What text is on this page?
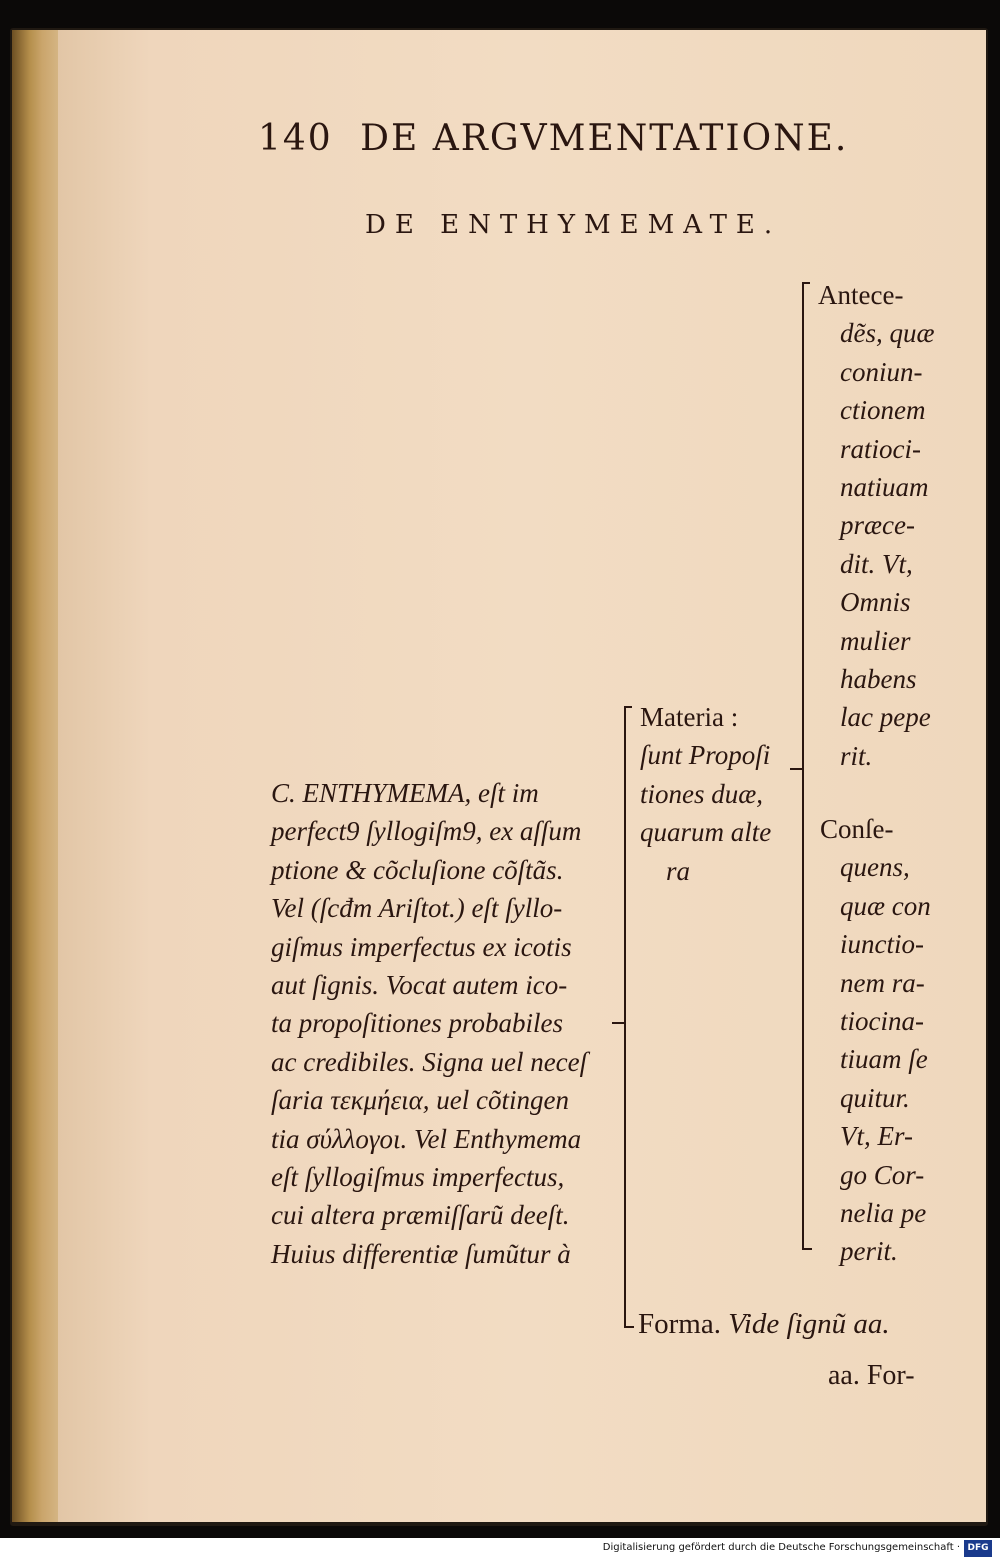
140 DE ARGVMENTATIONE.
DE ENTHYMEMATE.
Antece-
dẽs, quæ
coniun-
ctionem
ratioci-
natiuam
præce-
dit. Vt,
Omnis
mulier
habens
lac pepe
rit.
Conſe-
quens,
quæ con
iunctio-
nem ra-
tiocina-
tiuam ſe
quitur.
Vt, Er-
go Cor-
nelia pe
perit.
Materia :
ſunt Propoſi
tiones duæ,
quarum alte
ra
C. ENTHYMEMA, eſt im
perfect9 ſyllogiſm9, ex aſſum
ptione & cõcluſione cõſtãs.
Vel (ſcđm Ariſtot.) eſt ſyllo-
giſmus imperfectus ex icotis
aut ſignis. Vocat autem ico-
ta propoſitiones probabiles
ac credibiles. Signa uel neceſ
ſaria τεκμήεια, uel cõtingen
tia σύλλογοι. Vel Enthymema
eſt ſyllogiſmus imperfectus,
cui altera præmiſſarũ deeſt.
Huius differentiæ ſumũtur à
Forma. Vide ſignũ aa.
aa. For-
Digitalisierung gefördert durch die Deutsche Forschungsgemeinschaft · DFG
